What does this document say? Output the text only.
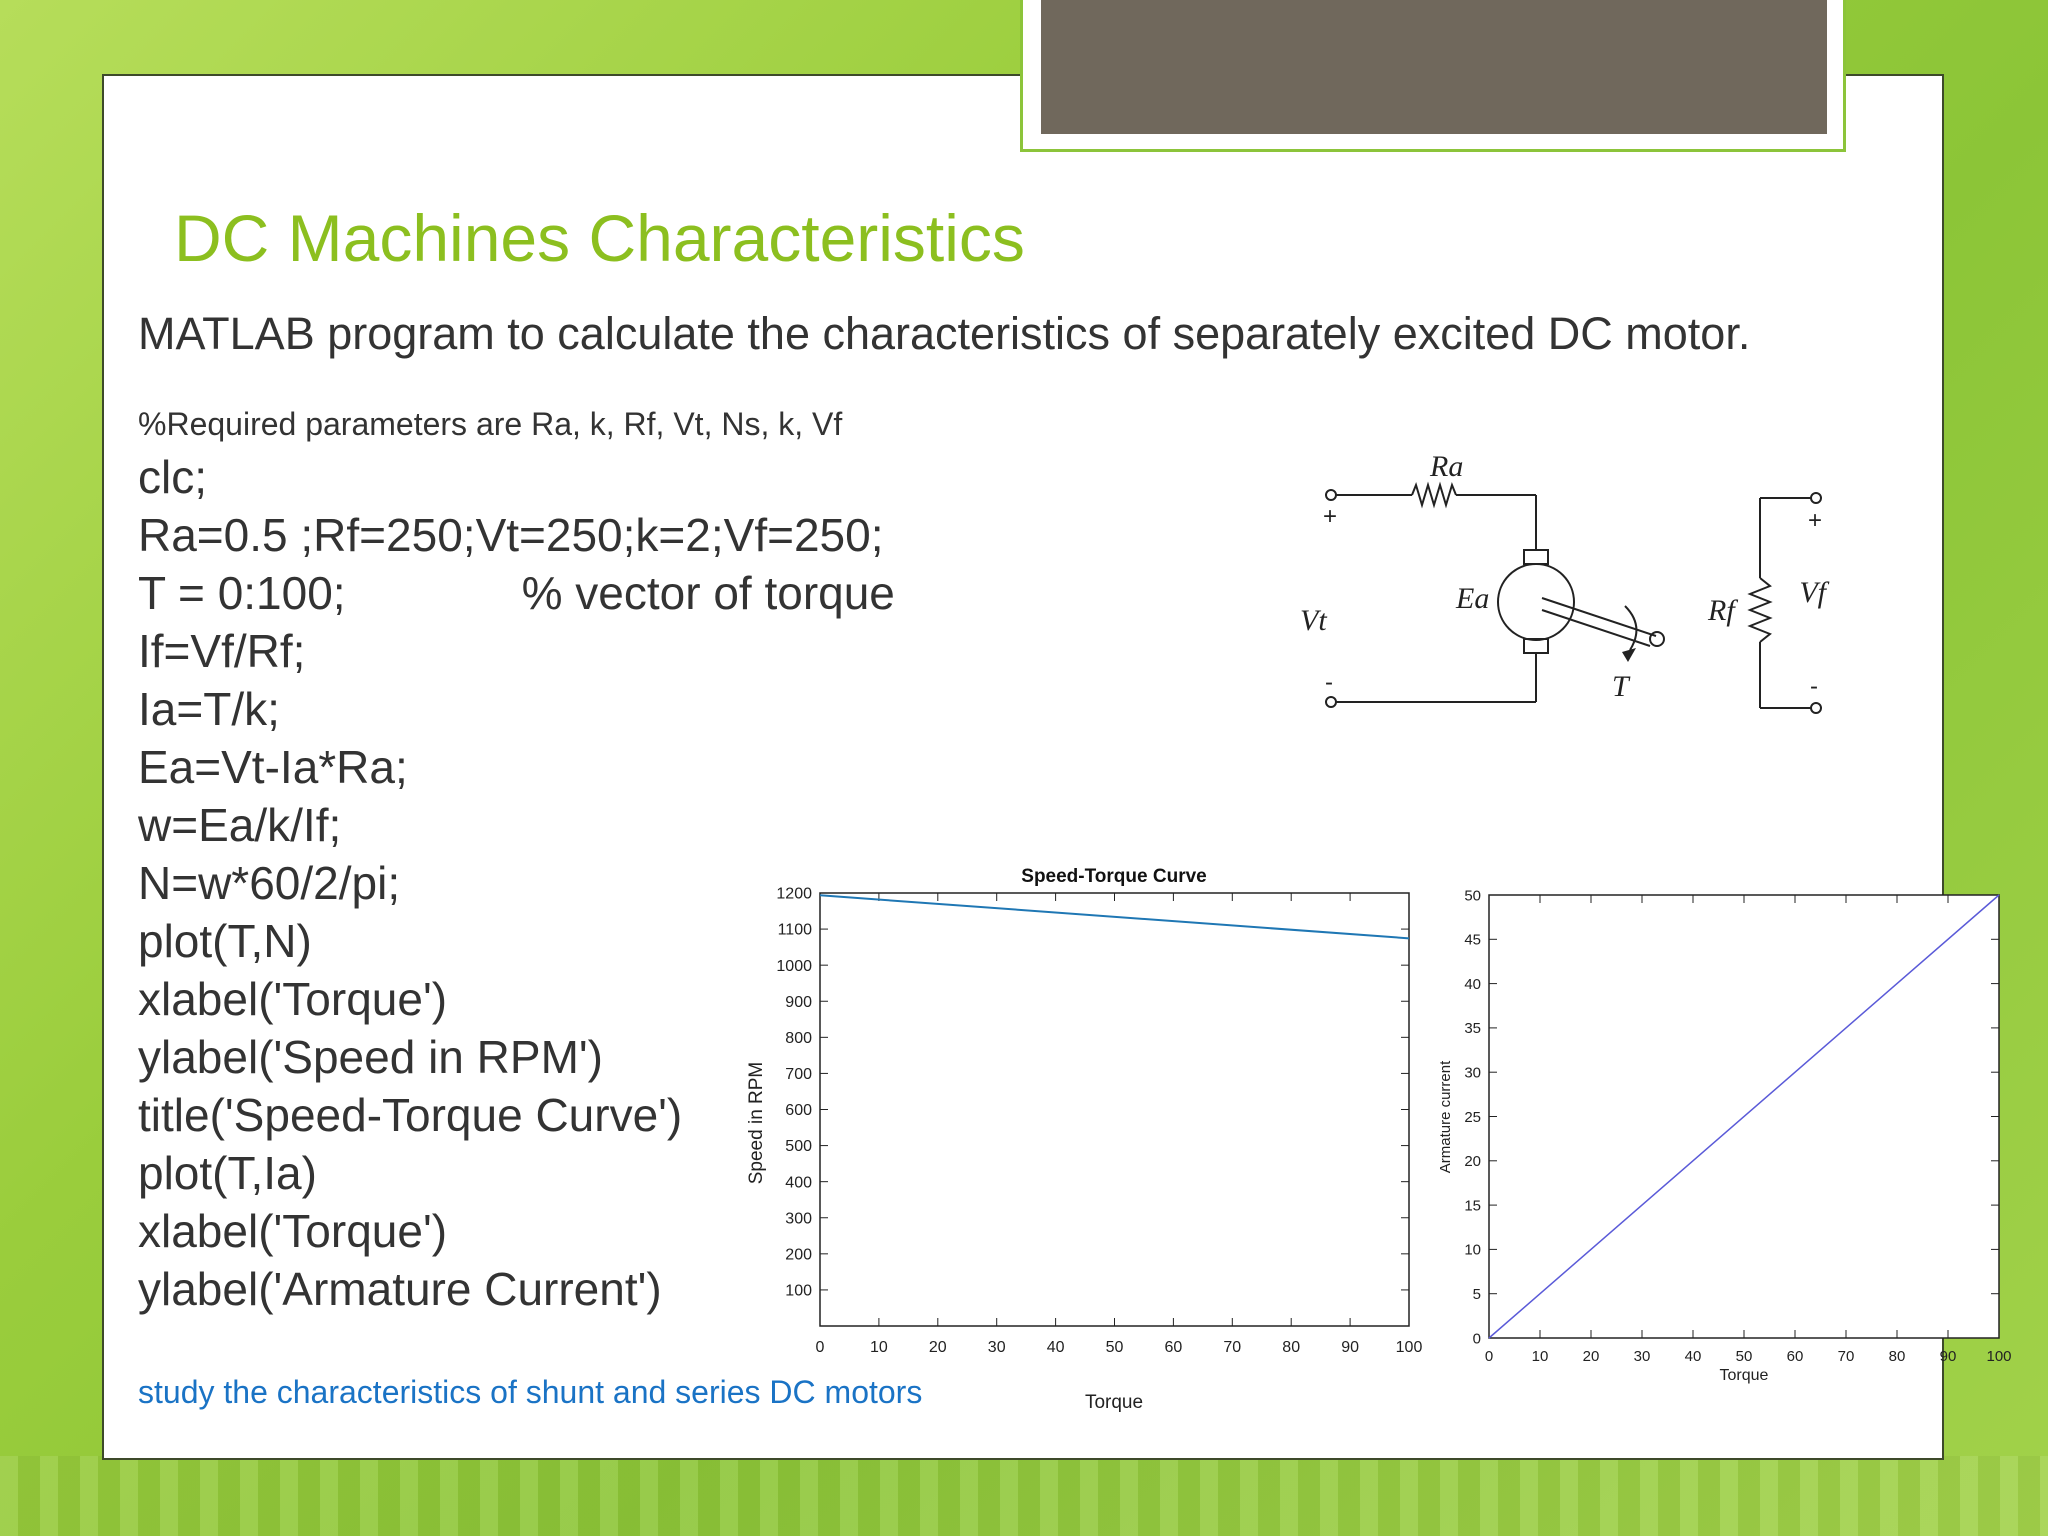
DC Machines Characteristics
MATLAB program to calculate the characteristics of separately excited DC motor.
%Required parameters are Ra, k, Rf, Vt, Ns, k, Vf
clc;
Ra=0.5 ;Rf=250;Vt=250;k=2;Vf=250;
T = 0:100;	% vector of torque
If=Vf/Rf;
Ia=T/k;
Ea=Vt-Ia*Ra;
w=Ea/k/If;
N=w*60/2/pi;
plot(T,N)
xlabel('Torque')
ylabel('Speed in RPM')
title('Speed-Torque Curve')
plot(T,Ia)
xlabel('Torque')
ylabel('Armature Current')
study the characteristics of shunt and series DC motors
Ra
Ea
Vt
T
Rf
Vf
+
-
+
-
0	10	20	30	40	50	60	70	80	90 100
100
200
300
400
500
600
700
800
900
1000
1100
1200
Speed-Torque Curve
Torque
Speed in RPM
0	10 20 30 40 50 60 70 80 90 100
0
5
10
15
20
25
30
35
40
45
50
Torque
Armature current
